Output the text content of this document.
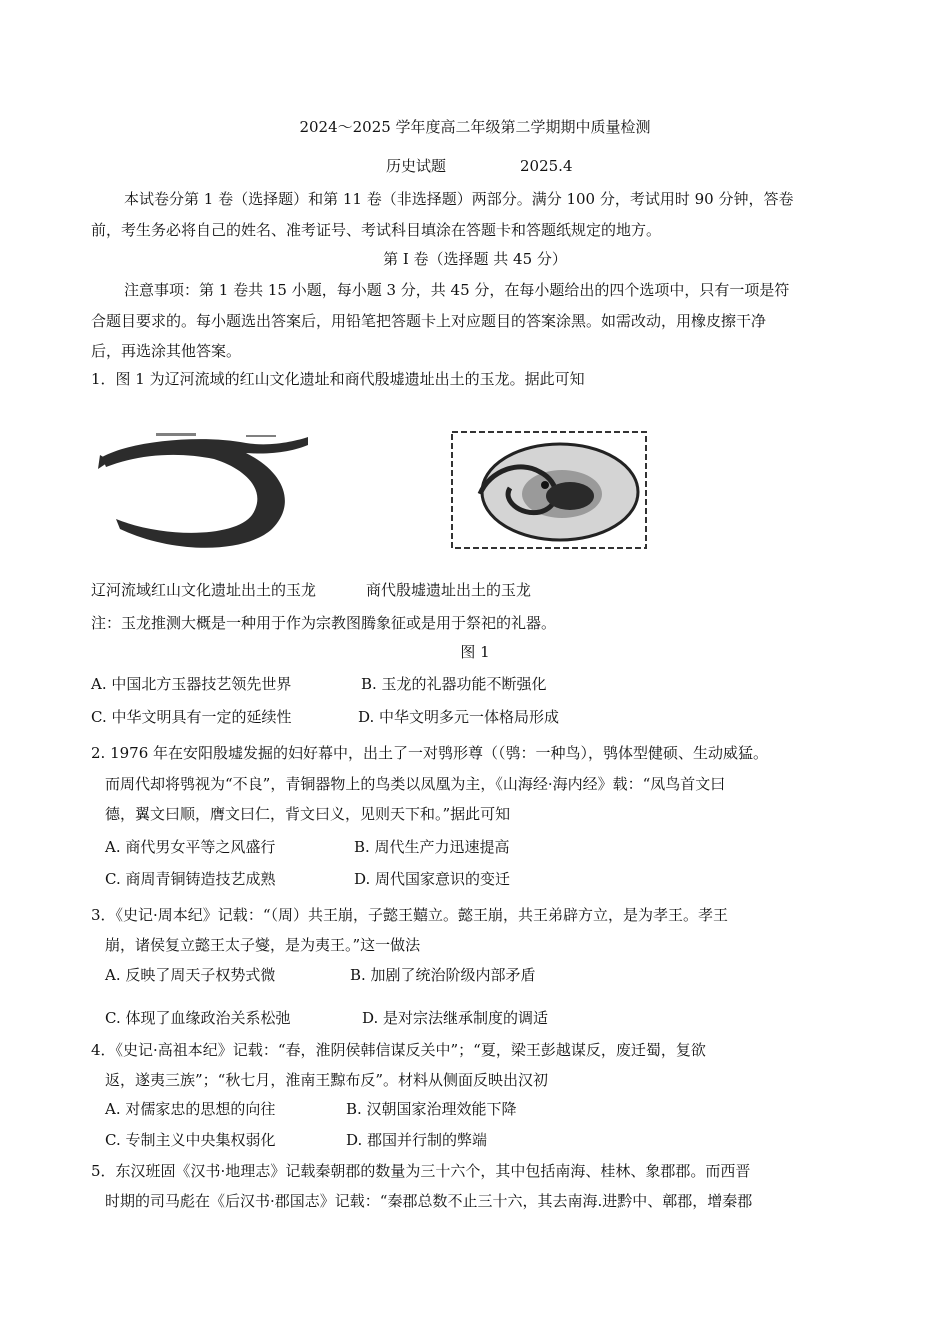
2024～2025 学年度高二年级第二学期期中质量检测
历史试题	2025.4
本试卷分第 1 卷（选择题）和第 11 卷（非选择题）两部分。满分 100 分，考试用时 90 分钟，答卷
前，考生务必将自己的姓名、准考证号、考试科目填涂在答题卡和答题纸规定的地方。
第 I 卷（选择题 共 45 分）
注意事项：第 1 卷共 15 小题，每小题 3 分，共 45 分，在每小题给出的四个选项中，只有一项是符
合题目要求的。每小题选出答案后，用铅笔把答题卡上对应题目的答案涂黑。如需改动，用橡皮擦干净
后，再选涂其他答案。
1．图 1 为辽河流域的红山文化遗址和商代殷墟遗址出土的玉龙。据此可知
辽河流域红山文化遗址出土的玉龙	商代殷墟遗址出土的玉龙
注：玉龙推测大概是一种用于作为宗教图腾象征或是用于祭祀的礼器。
图 1
A. 中国北方玉器技艺领先世界	B. 玉龙的礼器功能不断强化
C. 中华文明具有一定的延续性	D. 中华文明多元一体格局形成
2. 1976 年在安阳殷墟发掘的妇好幕中，出土了一对鸮形尊（（鸮：一种鸟），鸮体型健硕、生动威猛。
而周代却将鸮视为“不良”，青铜器物上的鸟类以凤凰为主，《山海经·海内经》载：“凤鸟首文曰
德，翼文曰顺，膺文曰仁，背文曰义，见则天下和。”据此可知
A. 商代男女平等之风盛行	B. 周代生产力迅速提高
C. 商周青铜铸造技艺成熟	D. 周代国家意识的变迁
3．《史记·周本纪》记载：“（周）共王崩，子懿王囏立。懿王崩，共王弟辟方立，是为孝王。孝王
崩，诸侯复立懿王太子燮，是为夷王。”这一做法
A. 反映了周天子权势式微	B. 加剧了统治阶级内部矛盾
C. 体现了血缘政治关系松弛	D. 是对宗法继承制度的调适
4．《史记·高祖本纪》记载：“春，淮阴侯韩信谋反关中”；“夏，梁王彭越谋反，废迁蜀，复欲
返，遂夷三族”；“秋七月，淮南王黥布反”。材料从侧面反映出汉初
A. 对儒家忠的思想的向往	B. 汉朝国家治理效能下降
C. 专制主义中央集权弱化	D. 郡国并行制的弊端
5．东汉班固《汉书·地理志》记载秦朝郡的数量为三十六个，其中包括南海、桂林、象郡郡。而西晋
时期的司马彪在《后汉书·郡国志》记载：“秦郡总数不止三十六，其去南海.进黔中、鄣郡，增秦郡
